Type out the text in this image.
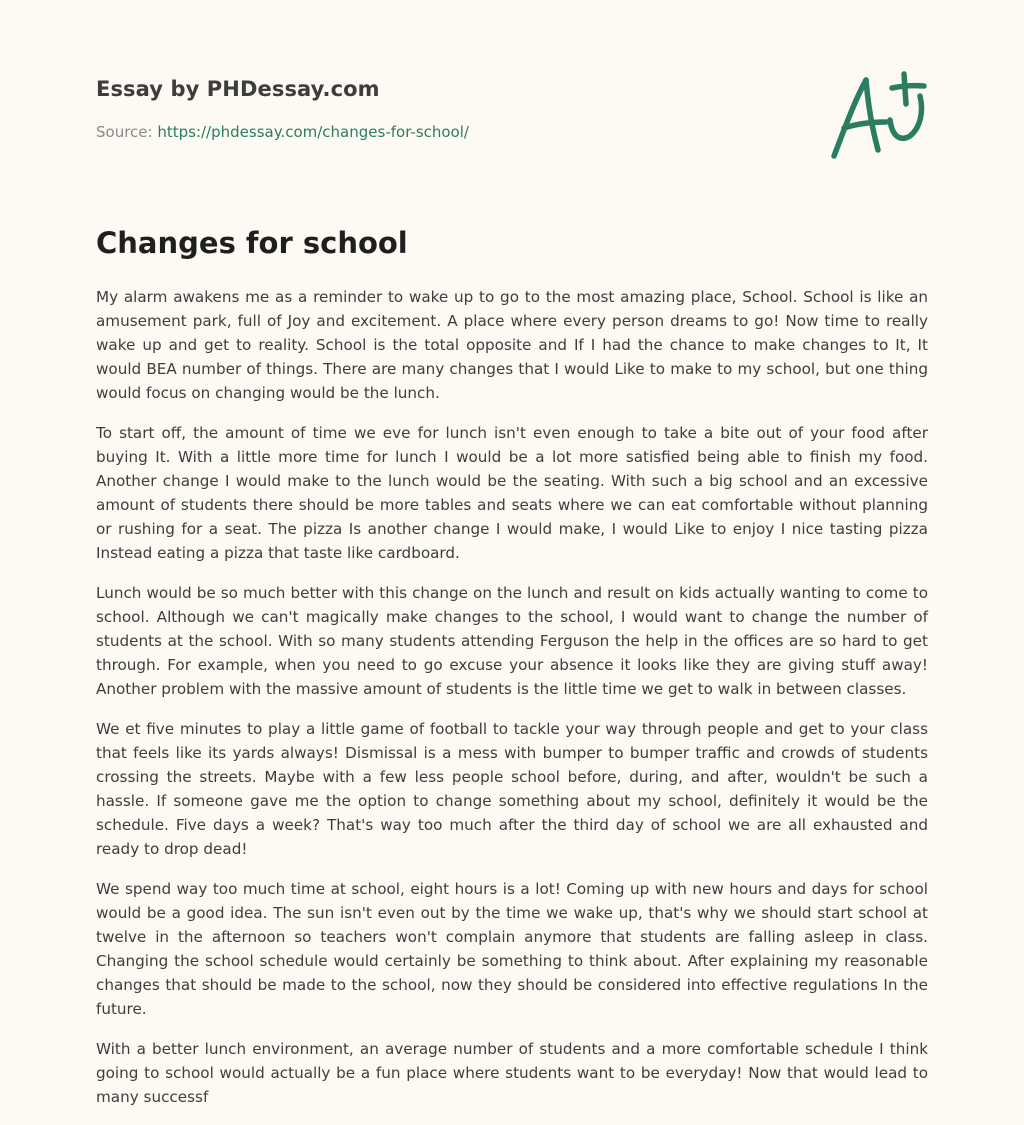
Essay by PHDessay.com
Source: https://phdessay.com/changes-for-school/
Changes for school

My alarm awakens me as a reminder to wake up to go to the most amazing place, School. School is like an amusement park, full of Joy and excitement. A place where every person dreams to go! Now time to really wake up and get to reality. School is the total opposite and If I had the chance to make changes to It, It would BEA number of things. There are many changes that I would Like to make to my school, but one thing would focus on changing would be the lunch.

To start off, the amount of time we eve for lunch isn't even enough to take a bite out of your food after buying It. With a little more time for lunch I would be a lot more satisfied being able to finish my food. Another change I would make to the lunch would be the seating. With such a big school and an excessive amount of students there should be more tables and seats where we can eat comfortable without planning or rushing for a seat. The pizza Is another change I would make, I would Like to enjoy I nice tasting pizza Instead eating a pizza that taste like cardboard.

Lunch would be so much better with this change on the lunch and result on kids actually wanting to come to school. Although we can't magically make changes to the school, I would want to change the number of students at the school. With so many students attending Ferguson the help in the offices are so hard to get through. For example, when you need to go excuse your absence it looks like they are giving stuff away! Another problem with the massive amount of students is the little time we get to walk in between classes.

We et five minutes to play a little game of football to tackle your way through people and get to your class that feels like its yards always! Dismissal is a mess with bumper to bumper traffic and crowds of students crossing the streets. Maybe with a few less people school before, during, and after, wouldn't be such a hassle. If someone gave me the option to change something about my school, definitely it would be the schedule. Five days a week? That's way too much after the third day of school we are all exhausted and ready to drop dead!

We spend way too much time at school, eight hours is a lot! Coming up with new hours and days for school would be a good idea. The sun isn't even out by the time we wake up, that's why we should start school at twelve in the afternoon so teachers won't complain anymore that students are falling asleep in class. Changing the school schedule would certainly be something to think about. After explaining my reasonable changes that should be made to the school, now they should be considered into effective regulations In the future.

With a better lunch environment, an average number of students and a more comfortable schedule I think going to school would actually be a fun place where students want to be everyday! Now that would lead to many successf
